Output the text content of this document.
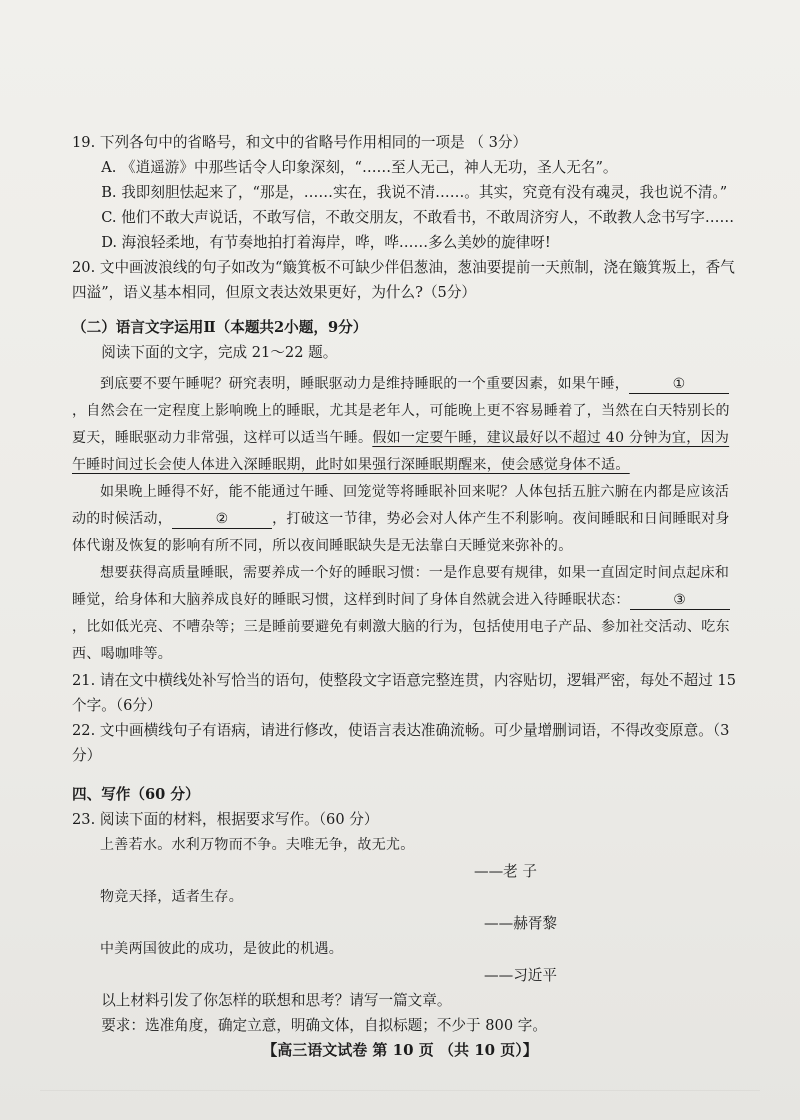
19. 下列各句中的省略号，和文中的省略号作用相同的一项是 （ 3分）

A. 《逍遥游》中那些话令人印象深刻，“……至人无己，神人无功，圣人无名”。

B. 我即刻胆怯起来了，“那是，……实在，我说不清……。其实，究竟有没有魂灵，我也说不清。”

C. 他们不敢大声说话，不敢写信，不敢交朋友，不敢看书，不敢周济穷人，不敢教人念书写字……

D. 海浪轻柔地，有节奏地拍打着海岸，哗，哗……多么美妙的旋律呀!

20. 文中画波浪线的句子如改为“簸箕板不可缺少伴侣葱油，葱油要提前一天煎制，浇在簸箕叛上，香气四溢”，语义基本相同，但原文表达效果更好，为什么?（5分）

（二）语言文字运用Ⅱ（本题共2小题，9分）

阅读下面的文字，完成 21～22 题。

到底要不要午睡呢？研究表明，睡眠驱动力是维持睡眠的一个重要因素，如果午睡，	①，自然会在一定程度上影响晚上的睡眠，尤其是老年人，可能晚上更不容易睡着了，当然在白天特别长的夏天，睡眠驱动力非常强，这样可以适当午睡。假如一定要午睡，建议最好以不超过 40 分钟为宜，因为午睡时间过长会使人体进入深睡眠期，此时如果强行深睡眠期醒来，使会感觉身体不适。

如果晚上睡得不好，能不能通过午睡、回笼觉等将睡眠补回来呢？人体包括五脏六腑在内都是应该活动的时候活动，	②	，打破这一节律，势必会对人体产生不利影响。夜间睡眠和日间睡眠对身体代谢及恢复的影响有所不同，所以夜间睡眠缺失是无法靠白天睡觉来弥补的。

想要获得高质量睡眠，需要养成一个好的睡眠习惯：一是作息要有规律，如果一直固定时间点起床和睡觉，给身体和大脑养成良好的睡眠习惯，这样到时间了身体自然就会进入待睡眠状态：	③，比如低光亮、不嘈杂等；三是睡前要避免有刺激大脑的行为，包括使用电子产品、参加社交活动、吃东西、喝咖啡等。

21. 请在文中横线处补写恰当的语句，使整段文字语意完整连贯，内容贴切，逻辑严密，每处不超过 15 个字。（6分）

22. 文中画横线句子有语病，请进行修改，使语言表达准确流畅。可少量增删词语，不得改变原意。（3分）

四、写作（60 分）

23. 阅读下面的材料，根据要求写作。（60 分）

上善若水。水利万物而不争。夫唯无争，故无尤。

——老 子

物竞天择，适者生存。

——赫胥黎

中美两国彼此的成功，是彼此的机遇。

——习近平

以上材料引发了你怎样的联想和思考？请写一篇文章。

要求：选准角度，确定立意，明确文体，自拟标题；不少于 800 字。

【高三语文试卷 第 10 页 （共 10 页）】
